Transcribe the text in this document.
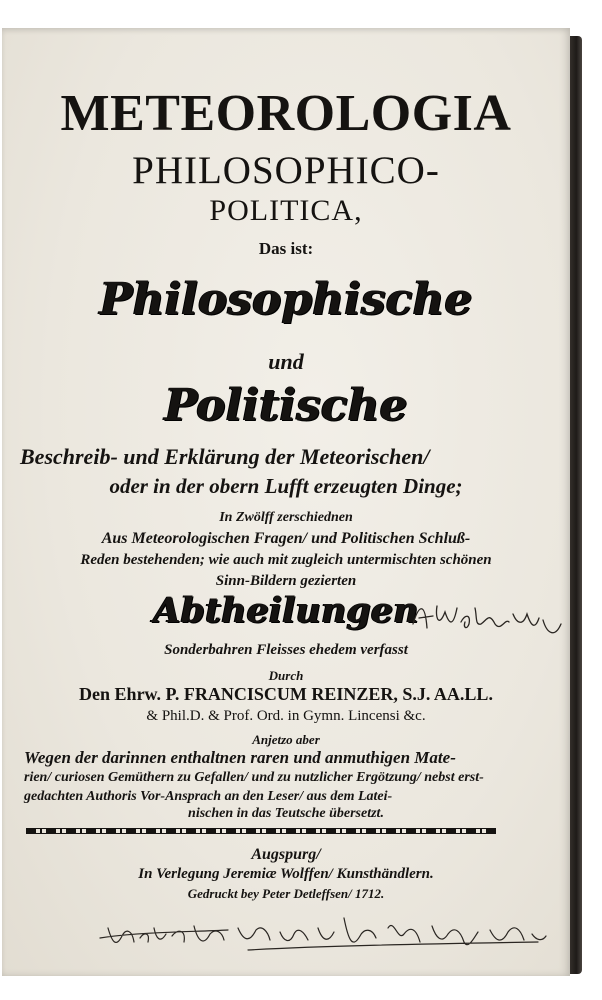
METEOROLOGIA
PHILOSOPHICO-
POLITICA,
Das ist:
Philosophische
und
Politische
Beschreib- und Erklärung der Meteorischen/
oder in der obern Lufft erzeugten Dinge;
In Zwölff zerschiednen
Aus Meteorologischen Fragen/ und Politischen Schluß-
Reden bestehenden; wie auch mit zugleich untermischten schönen
Sinn-Bildern gezierten
Abtheilungen
Sonderbahren Fleisses ehedem verfasst
Durch
Den Ehrw. P. FRANCISCUM REINZER, S.J. AA.LL.
& Phil.D. & Prof. Ord. in Gymn. Lincensi &c.
Anjetzo aber
Wegen der darinnen enthaltnen raren und anmuthigen Mate-
rien/ curiosen Gemüthern zu Gefallen/ und zu nutzlicher Ergötzung/ nebst erst-
gedachten Authoris Vor-Ansprach an den Leser/ aus dem Latei-
nischen in das Teutsche übersetzt.
Augspurg/
In Verlegung Jeremiæ Wolffen/ Kunsthändlern.
Gedruckt bey Peter Detleffsen/ 1712.
